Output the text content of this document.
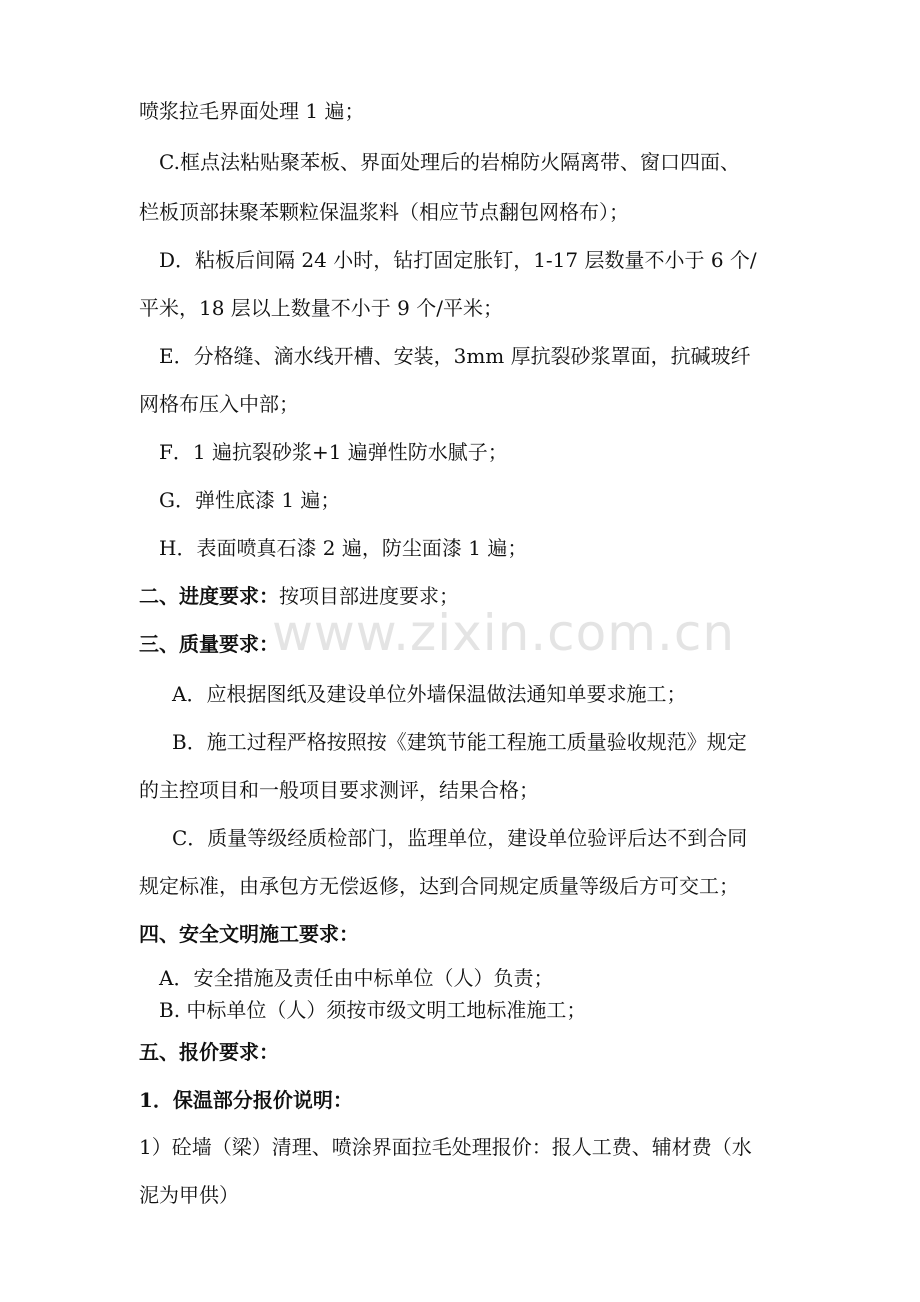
www.zixin.com.cn
喷浆拉毛界面处理 1 遍；
C.框点法粘贴聚苯板、界面处理后的岩棉防火隔离带、窗口四面、
栏板顶部抹聚苯颗粒保温浆料（相应节点翻包网格布）；
D．粘板后间隔 24 小时，钻打固定胀钉，1-17 层数量不小于 6 个/
平米，18 层以上数量不小于 9 个/平米；
E．分格缝、滴水线开槽、安装，3mm 厚抗裂砂浆罩面，抗碱玻纤
网格布压入中部；
F．1 遍抗裂砂浆+1 遍弹性防水腻子；
G．弹性底漆 1 遍；
H．表面喷真石漆 2 遍，防尘面漆 1 遍；
二、进度要求：按项目部进度要求；
三、质量要求：
A．应根据图纸及建设单位外墙保温做法通知单要求施工；
B．施工过程严格按照按《建筑节能工程施工质量验收规范》规定
的主控项目和一般项目要求测评，结果合格；
C．质量等级经质检部门，监理单位，建设单位验评后达不到合同
规定标准，由承包方无偿返修，达到合同规定质量等级后方可交工；
四、安全文明施工要求：
A．安全措施及责任由中标单位（人）负责；
B. 中标单位（人）须按市级文明工地标准施工；
五、报价要求：
1．保温部分报价说明：
1）砼墙（梁）清理、喷涂界面拉毛处理报价：报人工费、辅材费（水
泥为甲供）
